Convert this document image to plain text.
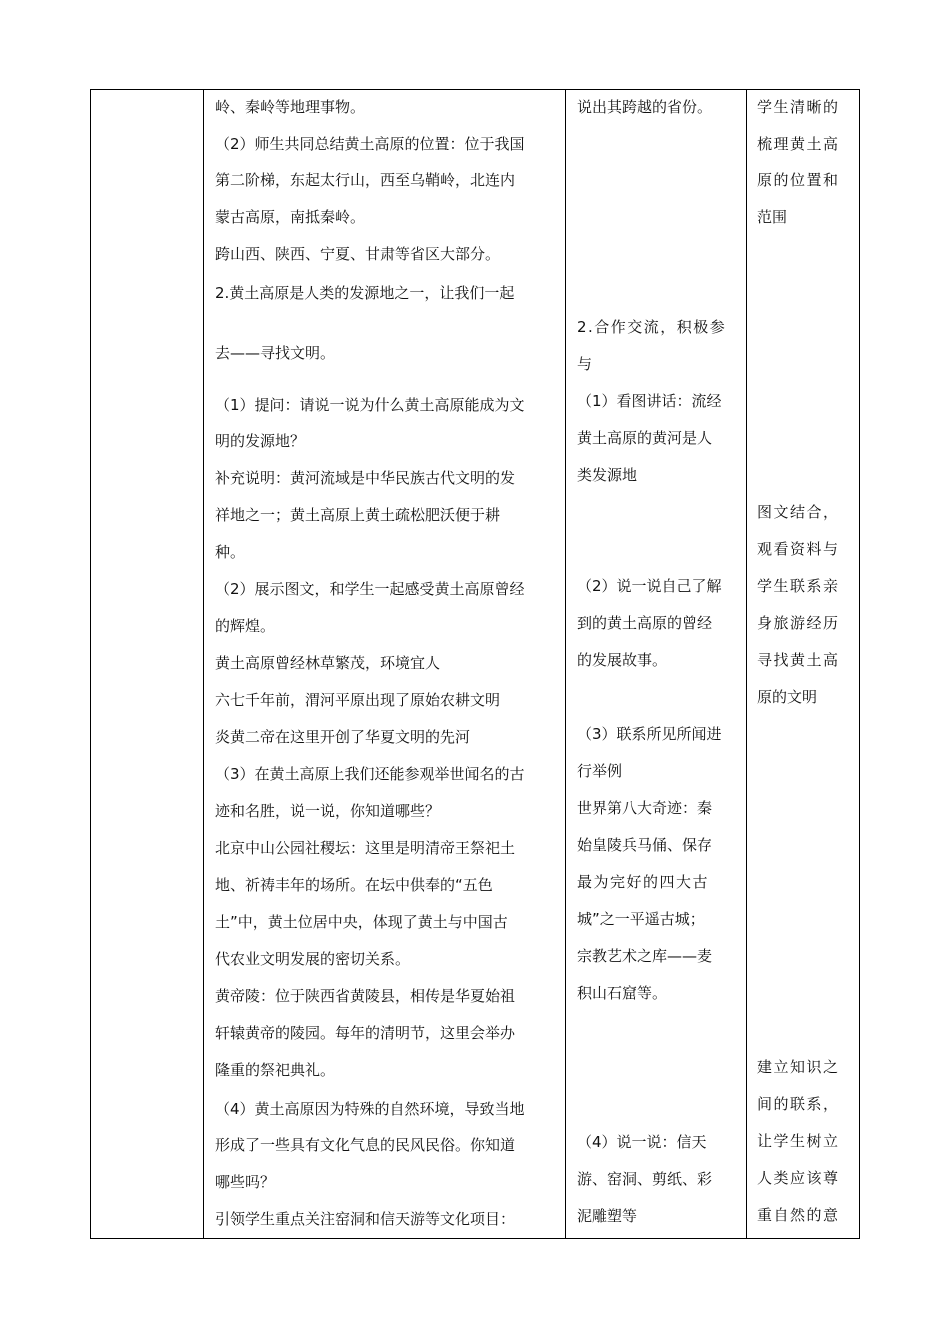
岭、秦岭等地理事物。
（2）师生共同总结黄土高原的位置：位于我国
第二阶梯，东起太行山，西至乌鞘岭，北连内
蒙古高原，南抵秦岭。
跨山西、陕西、宁夏、甘肃等省区大部分。
2.黄土高原是人类的发源地之一，让我们一起
去——寻找文明。
（1）提问：请说一说为什么黄土高原能成为文
明的发源地？
补充说明：黄河流域是中华民族古代文明的发
祥地之一；黄土高原上黄土疏松肥沃便于耕
种。
（2）展示图文，和学生一起感受黄土高原曾经
的辉煌。
黄土高原曾经林草繁茂，环境宜人
六七千年前，渭河平原出现了原始农耕文明
炎黄二帝在这里开创了华夏文明的先河
（3）在黄土高原上我们还能参观举世闻名的古
迹和名胜，说一说，你知道哪些？
北京中山公园社稷坛：这里是明清帝王祭祀土
地、祈祷丰年的场所。在坛中供奉的“五色
土”中，黄土位居中央，体现了黄土与中国古
代农业文明发展的密切关系。
黄帝陵：位于陕西省黄陵县，相传是华夏始祖
轩辕黄帝的陵园。每年的清明节，这里会举办
隆重的祭祀典礼。
（4）黄土高原因为特殊的自然环境，导致当地
形成了一些具有文化气息的民风民俗。你知道
哪些吗？
引领学生重点关注窑洞和信天游等文化项目：
说出其跨越的省份。
2.合作交流，积极参
与
（1）看图讲话：流经
黄土高原的黄河是人
类发源地
（2）说一说自己了解
到的黄土高原的曾经
的发展故事。
（3）联系所见所闻进
行举例
世界第八大奇迹：秦
始皇陵兵马俑、保存
最为完好的四大古
城”之一平遥古城；
宗教艺术之库——麦
积山石窟等。
（4）说一说：信天
游、窑洞、剪纸、彩
泥雕塑等
学生清晰的
梳理黄土高
原的位置和
范围
图文结合，
观看资料与
学生联系亲
身旅游经历
寻找黄土高
原的文明
建立知识之
间的联系，
让学生树立
人类应该尊
重自然的意
